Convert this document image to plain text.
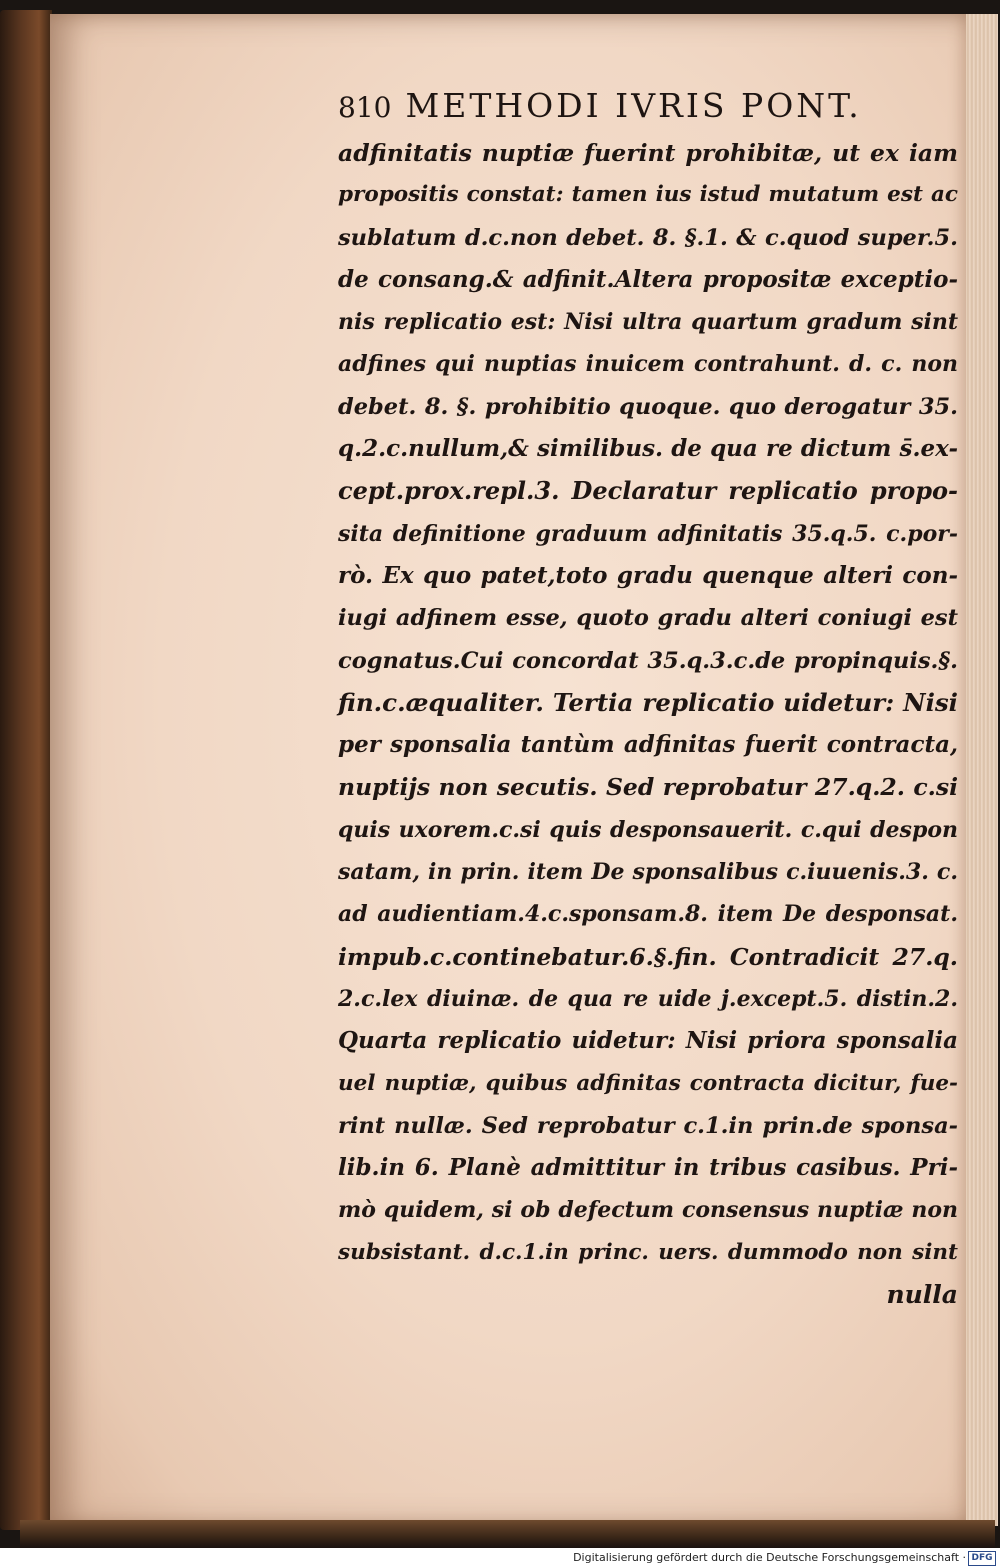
810 METHODI IVRIS PONT.
adfinitatis nuptiæ fuerint prohibitæ, ut ex iam
propositis constat: tamen ius istud mutatum est ac
sublatum d.c.non debet. 8. §.1. & c.quod super.5.
de consang.& adfinit.Altera propositæ exceptio-
nis replicatio est: Nisi ultra quartum gradum sint
adfines qui nuptias inuicem contrahunt. d. c. non
debet. 8. §. prohibitio quoque. quo derogatur 35.
q.2.c.nullum,& similibus. de qua re dictum s̄.ex-
cept.prox.repl.3. Declaratur replicatio propo-
sita definitione graduum adfinitatis 35.q.5. c.por-
rò. Ex quo patet,toto gradu quenque alteri con-
iugi adfinem esse, quoto gradu alteri coniugi est
cognatus.Cui concordat 35.q.3.c.de propinquis.§.
fin.c.æqualiter. Tertia replicatio uidetur: Nisi
per sponsalia tantùm adfinitas fuerit contracta,
nuptijs non secutis. Sed reprobatur 27.q.2. c.si
quis uxorem.c.si quis desponsauerit. c.qui despon
satam, in prin. item De sponsalibus c.iuuenis.3. c.
ad audientiam.4.c.sponsam.8. item De desponsat.
impub.c.continebatur.6.§.fin. Contradicit 27.q.
2.c.lex diuinæ. de qua re uide j.except.5. distin.2.
Quarta replicatio uidetur: Nisi priora sponsalia
uel nuptiæ, quibus adfinitas contracta dicitur, fue-
rint nullæ. Sed reprobatur c.1.in prin.de sponsa-
lib.in 6. Planè admittitur in tribus casibus. Pri-
mò quidem, si ob defectum consensus nuptiæ non
subsistant. d.c.1.in princ. uers. dummodo non sint
nulla
Digitalisierung gefördert durch die Deutsche Forschungsgemeinschaft · DFG
